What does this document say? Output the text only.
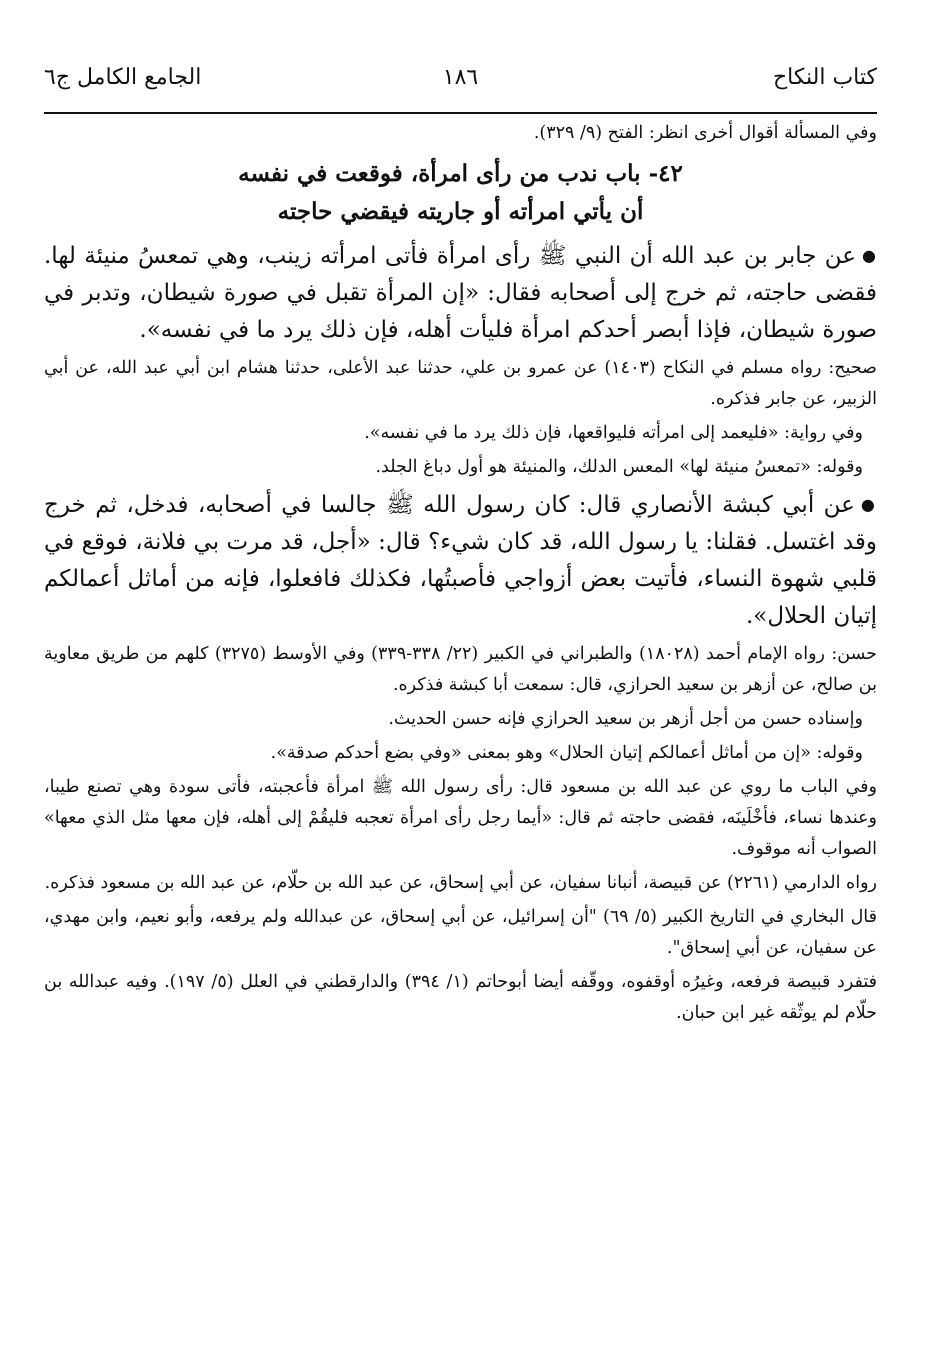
كتاب النكاح
١٨٦
الجامع الكامل ج٦
وفي المسألة أقوال أخرى انظر: الفتح (٩/ ٣٢٩).
٤٢- باب ندب من رأى امرأة، فوقعت في نفسه
أن يأتي امرأته أو جاريته فيقضي حاجته
●عن جابر بن عبد الله أن النبي ﷺ رأى امرأة فأتى امرأته زينب، وهي تمعسُ منيئة لها. فقضى حاجته، ثم خرج إلى أصحابه فقال: «إن المرأة تقبل في صورة شيطان، وتدبر في صورة شيطان، فإذا أبصر أحدكم امرأة فليأت أهله، فإن ذلك يرد ما في نفسه».
صحيح: رواه مسلم في النكاح (١٤٠٣) عن عمرو بن علي، حدثنا عبد الأعلى، حدثنا هشام ابن أبي عبد الله، عن أبي الزبير، عن جابر فذكره.
وفي رواية: «فليعمد إلى امرأته فليواقعها، فإن ذلك يرد ما في نفسه».
وقوله: «تمعسُ منيئة لها» المعس الدلك، والمنيئة هو أول دباغ الجلد.
●عن أبي كبشة الأنصاري قال: كان رسول الله ﷺ جالسا في أصحابه، فدخل، ثم خرج وقد اغتسل. فقلنا: يا رسول الله، قد كان شيء؟ قال: «أجل، قد مرت بي فلانة، فوقع في قلبي شهوة النساء، فأتيت بعض أزواجي فأصبتُها، فكذلك فافعلوا، فإنه من أماثل أعمالكم إتيان الحلال».
حسن: رواه الإمام أحمد (١٨٠٢٨) والطبراني في الكبير (٢٢/ ٣٣٨-٣٣٩) وفي الأوسط (٣٢٧٥) كلهم من طريق معاوية بن صالح، عن أزهر بن سعيد الحرازي، قال: سمعت أبا كبشة فذكره.
وإسناده حسن من أجل أزهر بن سعيد الحرازي فإنه حسن الحديث.
وقوله: «إن من أماثل أعمالكم إتيان الحلال» وهو بمعنى «وفي بضع أحدكم صدقة».
وفي الباب ما روي عن عبد الله بن مسعود قال: رأى رسول الله ﷺ امرأة فأعجبته، فأتى سودة وهي تصنع طيبا، وعندها نساء، فأخْلَينَه، فقضى حاجته ثم قال: «أيما رجل رأى امرأة تعجبه فليقُمْ إلى أهله، فإن معها مثل الذي معها» الصواب أنه موقوف.
رواه الدارمي (٢٢٦١) عن قبيصة، أنبانا سفيان، عن أبي إسحاق، عن عبد الله بن حلّام، عن عبد الله بن مسعود فذكره.
قال البخاري في التاريخ الكبير (٥/ ٦٩) "أن إسرائيل، عن أبي إسحاق، عن عبدالله ولم يرفعه، وأبو نعيم، وابن مهدي، عن سفيان، عن أبي إسحاق".
فتفرد قبيصة فرفعه، وغيرُه أوقفوه، ووقّفه أيضا أبوحاتم (١/ ٣٩٤) والدارقطني في العلل (٥/ ١٩٧). وفيه عبدالله بن حلّام لم يوثّقه غير ابن حبان.
